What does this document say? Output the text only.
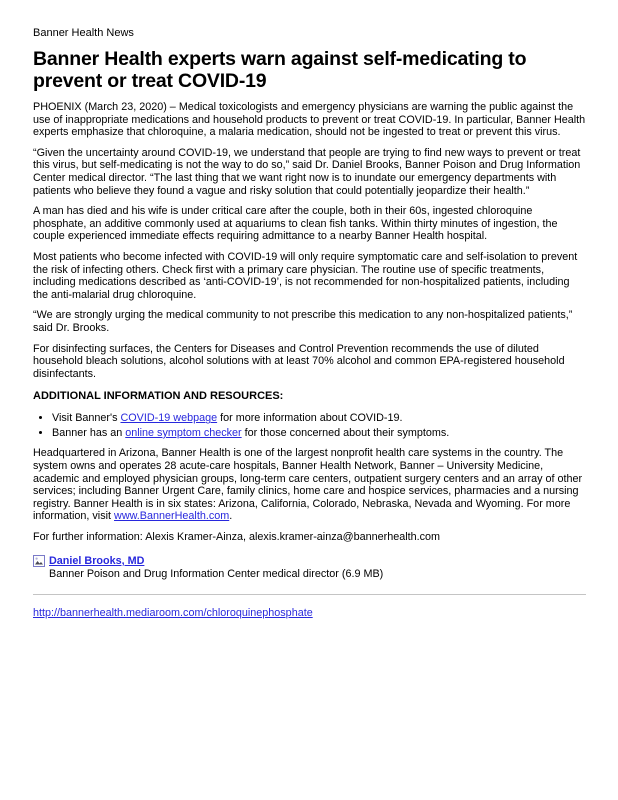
Banner Health News

Banner Health experts warn against self-medicating to prevent or treat COVID-19

PHOENIX (March 23, 2020) – Medical toxicologists and emergency physicians are warning the public against the use of inappropriate medications and household products to prevent or treat COVID-19. In particular, Banner Health experts emphasize that chloroquine, a malaria medication, should not be ingested to treat or prevent this virus.

“Given the uncertainty around COVID-19, we understand that people are trying to find new ways to prevent or treat this virus, but self-medicating is not the way to do so,” said Dr. Daniel Brooks, Banner Poison and Drug Information Center medical director. “The last thing that we want right now is to inundate our emergency departments with patients who believe they found a vague and risky solution that could potentially jeopardize their health.”

A man has died and his wife is under critical care after the couple, both in their 60s, ingested chloroquine phosphate, an additive commonly used at aquariums to clean fish tanks. Within thirty minutes of ingestion, the couple experienced immediate effects requiring admittance to a nearby Banner Health hospital.

Most patients who become infected with COVID-19 will only require symptomatic care and self-isolation to prevent the risk of infecting others. Check first with a primary care physician. The routine use of specific treatments, including medications described as ‘anti-COVID-19’, is not recommended for non-hospitalized patients, including the anti-malarial drug chloroquine.

“We are strongly urging the medical community to not prescribe this medication to any non-hospitalized patients,” said Dr. Brooks.

For disinfecting surfaces, the Centers for Diseases and Control Prevention recommends the use of diluted household bleach solutions, alcohol solutions with at least 70% alcohol and common EPA-registered household disinfectants.

ADDITIONAL INFORMATION AND RESOURCES:
• Visit Banner's COVID-19 webpage for more information about COVID-19.
• Banner has an online symptom checker for those concerned about their symptoms.

Headquartered in Arizona, Banner Health is one of the largest nonprofit health care systems in the country. The system owns and operates 28 acute-care hospitals, Banner Health Network, Banner – University Medicine, academic and employed physician groups, long-term care centers, outpatient surgery centers and an array of other services; including Banner Urgent Care, family clinics, home care and hospice services, pharmacies and a nursing registry. Banner Health is in six states: Arizona, California, Colorado, Nebraska, Nevada and Wyoming. For more information, visit www.BannerHealth.com.

For further information: Alexis Kramer-Ainza, alexis.kramer-ainza@bannerhealth.com

Daniel Brooks, MD
Banner Poison and Drug Information Center medical director (6.9 MB)
http://bannerhealth.mediaroom.com/chloroquinephosphate
